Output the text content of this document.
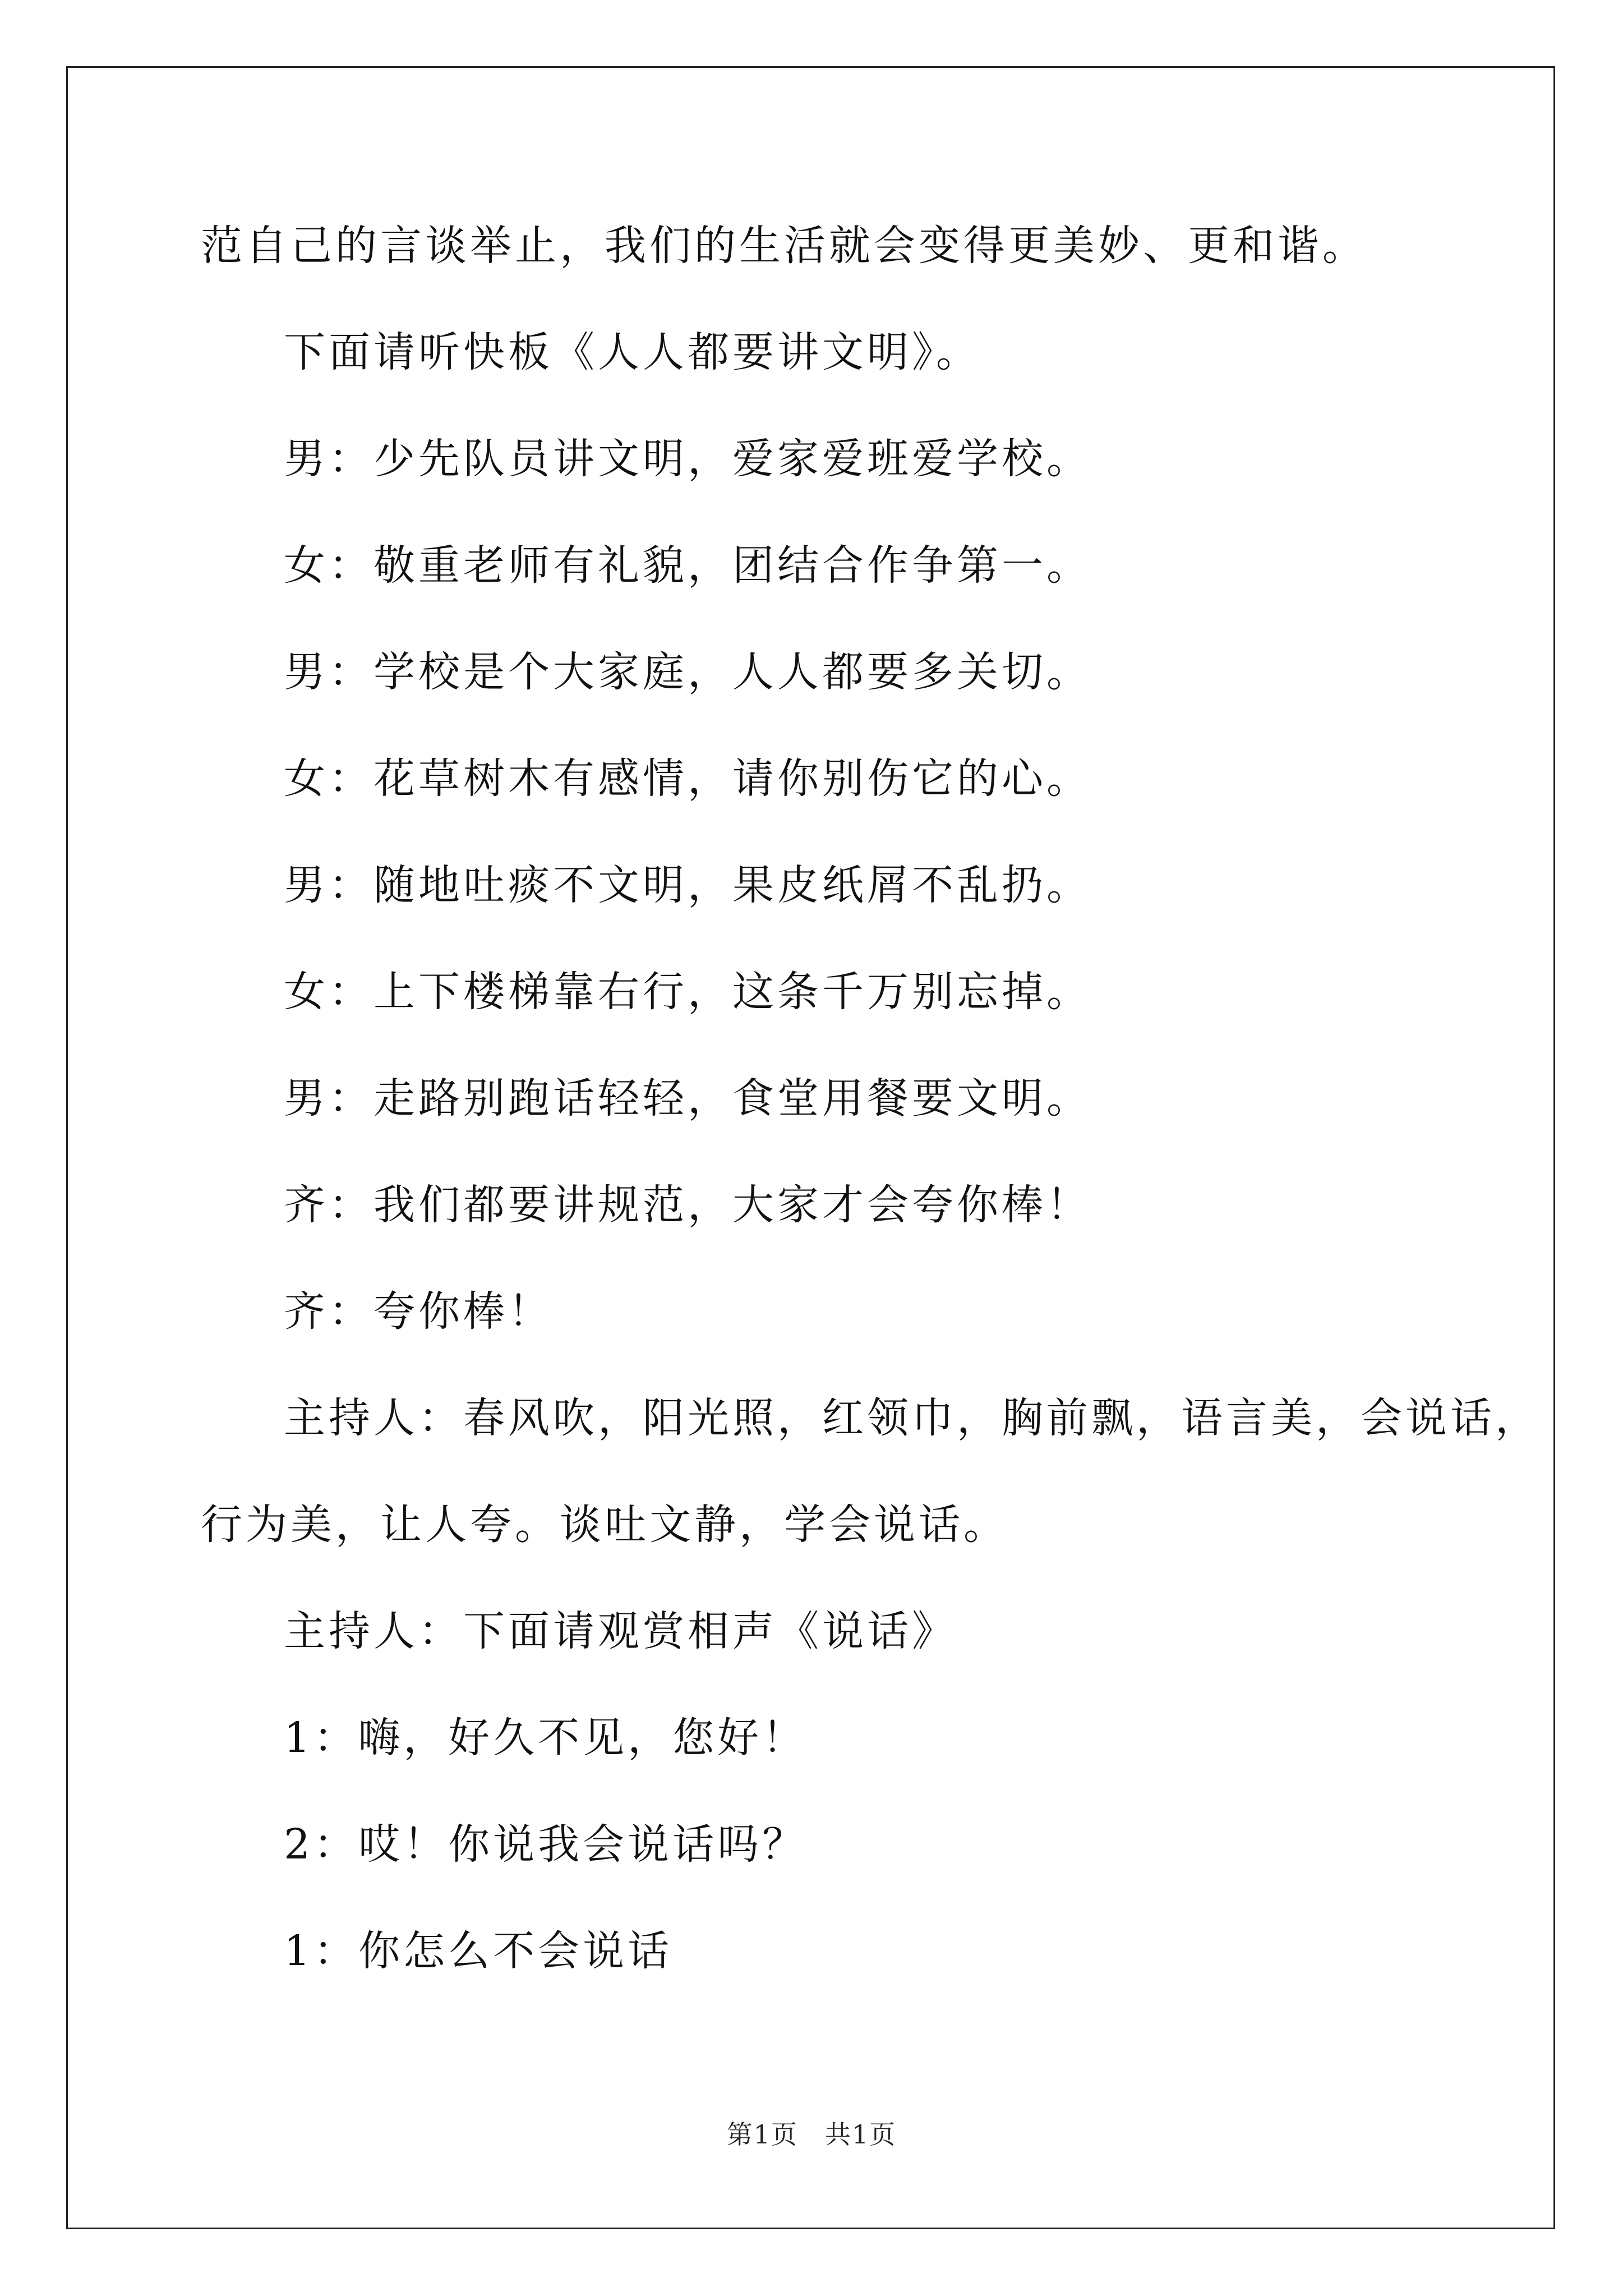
范自己的言谈举止，我们的生活就会变得更美妙、更和谐。

下面请听快板《人人都要讲文明》。

男：少先队员讲文明，爱家爱班爱学校。

女：敬重老师有礼貌，团结合作争第一。

男：学校是个大家庭，人人都要多关切。

女：花草树木有感情，请你别伤它的心。

男：随地吐痰不文明，果皮纸屑不乱扔。

女：上下楼梯靠右行，这条千万别忘掉。

男：走路别跑话轻轻，食堂用餐要文明。

齐：我们都要讲规范，大家才会夸你棒！

齐：夸你棒！

主持人：春风吹，阳光照，红领巾，胸前飘，语言美，会说话，

行为美，让人夸。谈吐文静，学会说话。

主持人：下面请观赏相声《说话》

1：嗨，好久不见，您好！

2：哎！你说我会说话吗？

1：你怎么不会说话

第1页 共1页
